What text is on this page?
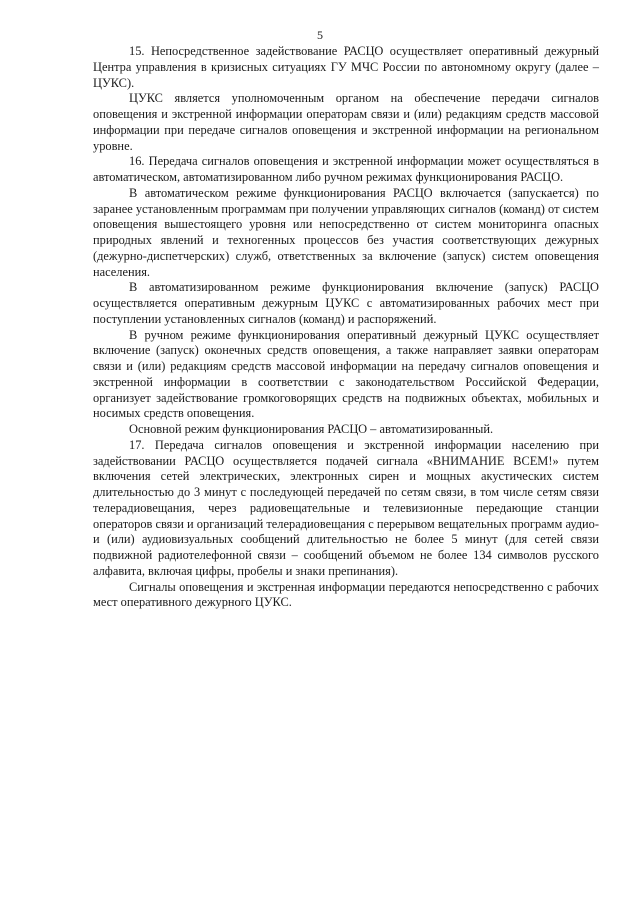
5

15. Непосредственное задействование РАСЦО осуществляет оперативный дежурный Центра управления в кризисных ситуациях ГУ МЧС России по автономному округу (далее – ЦУКС).

ЦУКС является уполномоченным органом на обеспечение передачи сигналов оповещения и экстренной информации операторам связи и (или) редакциям средств массовой информации при передаче сигналов оповещения и экстренной информации на региональном уровне.

16. Передача сигналов оповещения и экстренной информации может осуществляться в автоматическом, автоматизированном либо ручном режимах функционирования РАСЦО.

В автоматическом режиме функционирования РАСЦО включается (запускается) по заранее установленным программам при получении управляющих сигналов (команд) от систем оповещения вышестоящего уровня или непосредственно от систем мониторинга опасных природных явлений и техногенных процессов без участия соответствующих дежурных (дежурно-диспетчерских) служб, ответственных за включение (запуск) систем оповещения населения.

В автоматизированном режиме функционирования включение (запуск) РАСЦО осуществляется оперативным дежурным ЦУКС с автоматизированных рабочих мест при поступлении установленных сигналов (команд) и распоряжений.

В ручном режиме функционирования оперативный дежурный ЦУКС осуществляет включение (запуск) оконечных средств оповещения, а также направляет заявки операторам связи и (или) редакциям средств массовой информации на передачу сигналов оповещения и экстренной информации в соответствии с законодательством Российской Федерации, организует задействование громкоговорящих средств на подвижных объектах, мобильных и носимых средств оповещения.

Основной режим функционирования РАСЦО – автоматизированный.

17. Передача сигналов оповещения и экстренной информации населению при задействовании РАСЦО осуществляется подачей сигнала «ВНИМАНИЕ ВСЕМ!» путем включения сетей электрических, электронных сирен и мощных акустических систем длительностью до 3 минут с последующей передачей по сетям связи, в том числе сетям связи телерадиовещания, через радиовещательные и телевизионные передающие станции операторов связи и организаций телерадиовещания с перерывом вещательных программ аудио- и (или) аудиовизуальных сообщений длительностью не более 5 минут (для сетей связи подвижной радиотелефонной связи – сообщений объемом не более 134 символов русского алфавита, включая цифры, пробелы и знаки препинания).

Сигналы оповещения и экстренная информации передаются непосредственно с рабочих мест оперативного дежурного ЦУКС.
